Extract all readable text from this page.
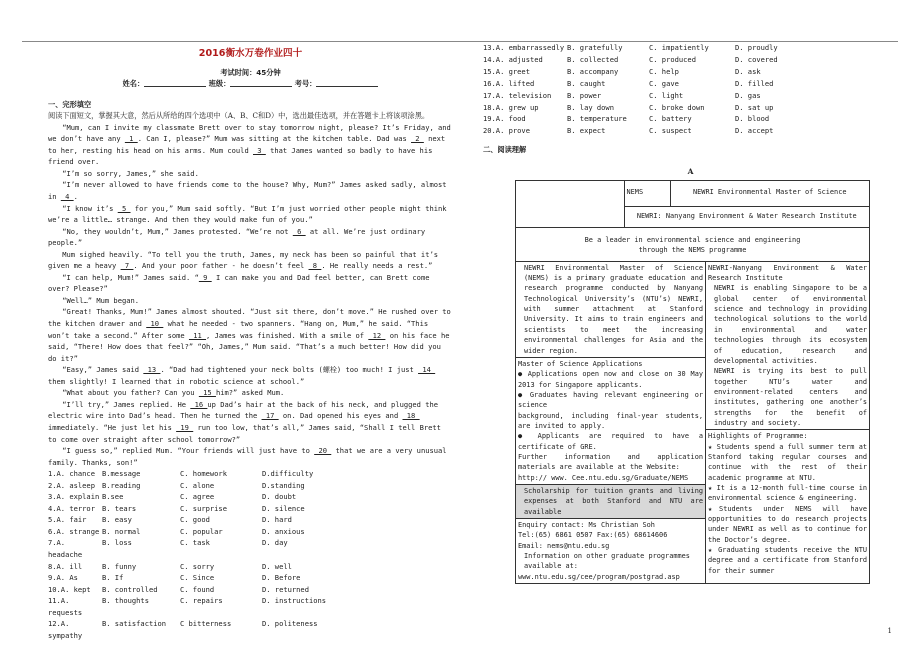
2016衡水万卷作业四十
考试时间：45分钟
姓名：	班级：	考号：
一、完形填空
阅读下面短文，掌握其大意，然后从所给的四个选项中（A、B、C和D）中，选出最佳选项，并在答题卡上将该项涂黑。

“Mum, can I invite my classmate Brett over to stay tomorrow night, please? It’s Friday, and we don’t have any  1 . Can I, please?” Mum was sitting at the kitchen table. Dad was  2  next to her, resting his head on his arms. Mum could  3  that James wanted so badly to have his friend over.

“I’m so sorry, James,” she said.

“I’m never allowed to have friends come to the house? Why, Mum?” James asked sadly, almost in  4 .

“I know it’s  5  for you,” Mum said softly. “But I’m just worried other people might think we’re a little… strange. And then they would make fun of you.”

“No, they wouldn’t, Mum,” James protested. “We’re not  6  at all. We’re just ordinary people.”

Mum sighed heavily. “To tell you the truth, James, my neck has been so painful that it’s given me a heavy  7 . And your poor father - he doesn’t feel  8 . He really needs a rest.”

“I can help, Mum!” James said. “ 9  I can make you and Dad feel better, can Brett come over? Please?”

“Well…” Mum began.

“Great! Thanks, Mum!” James almost shouted. “Just sit there, don’t move.” He rushed over to the kitchen drawer and  10  what he needed - two spanners. “Hang on, Mum,” he said. “This won’t take a second.” After some  11 , James was finished. With a smile of  12  on his face he said, “There! How does that feel?” “Oh, James,” Mum said. “That’s a much better! How did you do it?”

“Easy,” James said  13 . “Dad had tightened your neck bolts (螺栓) too much! I just  14  them slightly! I learned that in robotic science at school.”

“What about you father? Can you  15 him?” asked Mum.

“I’ll try,” James replied. He  16 up Dad’s hair at the back of his neck, and plugged the electric wire into Dad’s head. Then he turned the  17  on. Dad opened his eyes and  18  immediately. “He just let his  19  run too low, that’s all,” James said, “Shall I tell Brett to come over straight after school tomorrow?”

“I guess so,” replied Mum. “Your friends will just have to  20  that we are a very unusual family. Thanks, son!”

1.A. chance B.message	C. homework	D.difficulty
2.A. asleep B.reading	C. alone	D.standing
3.A. explain B.see	C. agree	D. doubt
4.A. terror B. tears	C. surprise	D. silence
5.A. fair	B. easy	C. good	D. hard
6.A. strange B. normal	C. popular	D. anxious
7.A. headache
B. loss	C. task	D. day
8.A. ill	B. funny	C. sorry	D. well
9.A. As	B. If	C. Since	D. Before
10.A. kept	B. controlled	C. found	D. returned
11.A. requests
B. thoughts	C. repairs	D. instructions
12.A. sympathy
B. satisfaction	C bitterness	D. politeness
13.A. embarrassedly B. gratefully	C. impatiently	D. proudly
14.A. adjusted	B. collected	C. produced	D. covered
15.A. greet	B. accompany	C. help	D. ask
16.A. lifted	B. caught	C. gave	D. filled
17.A. television	B. power	C. light	D. gas
18.A. grew up	B. lay down	C. broke down	D. sat up
19.A. food	B. temperature	C. battery	D. blood
20.A. prove	B. expect	C. suspect	D. accept
二、阅读理解
A
	NEMS	NEWRI Environmental Master of Science
NEWRI: Nanyang Environment & Water Research Institute

Be a leader in environmental science and engineering
through the NEMS programme

NEWRI Environmental Master of Science (NEMS) is a primary graduate education and research programme conducted by Nanyang Technological University’s (NTU’s) NEWRI, with summer attachment at Stanford University. It aims to train engineers and scientists to meet the increasing environmental challenges for Asia and the wider region.

NEWRI-Nanyang Environment & Water Research Institute
NEWRI is enabling Singapore to be a global center of environmental science and technology in providing technological solutions to the world in environmental and water technologies through its ecosystem of education, research and developmental activities.
NEWRI is trying its best to pull together NTU’s water and environment-related centers and institutes, gathering one another’s strengths for the benefit of industry and society.

Master of Science Applications
● Applications open now and close on 30 May 2013 for Singapore applicants.
● Graduates having relevant engineering or science
background, including final-year students, are invited to apply.
● Applicants are required to have a certificate of GRE.
Further information and application materials are available at the Website:
http:// www. Cee.ntu.edu.sg/Graduate/NEMS

Highlights of Programme:
★ Students spend a full summer term at Stanford taking regular courses and continue with the rest of their academic programme at NTU.
★ It is a 12-month full-time course in environmental science & engineering.
★Students under NEMS will have opportunities to do research projects under NEWRI as well as to continue for the Doctor’s degree.
★ Graduating students receive the NTU degree and a certificate from Stanford for their summer

Scholarship for tuition grants and living expenses at both Stanford and NTU are available

Enquiry contact: Ms Christian Soh
Tel:(65) 6861 0507 Fax:(65) 68614606
Email: nems@ntu.edu.sg
Information on other graduate programmes available at:
www.ntu.edu.sg/cee/program/postgrad.asp
1
